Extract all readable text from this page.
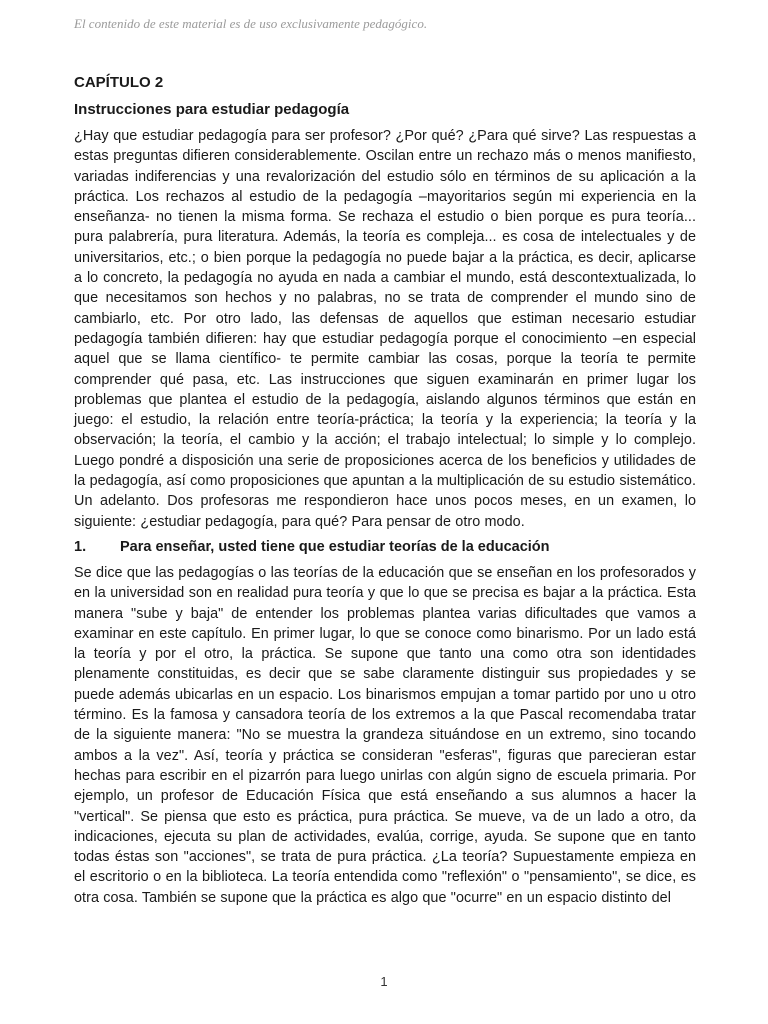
El contenido de este material es de uso exclusivamente pedagógico.
CAPÍTULO 2
Instrucciones para estudiar pedagogía

¿Hay que estudiar pedagogía para ser profesor? ¿Por qué? ¿Para qué sirve? Las respuestas a estas preguntas difieren considerablemente. Oscilan entre un rechazo más o menos manifiesto, variadas indiferencias y una revalorización del estudio sólo en términos de su aplicación a la práctica. Los rechazos al estudio de la pedagogía –mayoritarios según mi experiencia en la enseñanza- no tienen la misma forma. Se rechaza el estudio o bien porque es pura teoría... pura palabrería, pura literatura. Además, la teoría es compleja... es cosa de intelectuales y de universitarios, etc.; o bien porque la pedagogía no puede bajar a la práctica, es decir, aplicarse a lo concreto, la pedagogía no ayuda en nada a cambiar el mundo, está descontextualizada, lo que necesitamos son hechos y no palabras, no se trata de comprender el mundo sino de cambiarlo, etc. Por otro lado, las defensas de aquellos que estiman necesario estudiar pedagogía también difieren: hay que estudiar pedagogía porque el conocimiento –en especial aquel que se llama científico- te permite cambiar las cosas, porque la teoría te permite comprender qué pasa, etc. Las instrucciones que siguen examinarán en primer lugar los problemas que plantea el estudio de la pedagogía, aislando algunos términos que están en juego: el estudio, la relación entre teoría-práctica; la teoría y la experiencia; la teoría y la observación; la teoría, el cambio y la acción; el trabajo intelectual; lo simple y lo complejo. Luego pondré a disposición una serie de proposiciones acerca de los beneficios y utilidades de la pedagogía, así como proposiciones que apuntan a la multiplicación de su estudio sistemático. Un adelanto. Dos profesoras me respondieron hace unos pocos meses, en un examen, lo siguiente: ¿estudiar pedagogía, para qué? Para pensar de otro modo.

1.	Para enseñar, usted tiene que estudiar teorías de la educación

Se dice que las pedagogías o las teorías de la educación que se enseñan en los profesorados y en la universidad son en realidad pura teoría y que lo que se precisa es bajar a la práctica. Esta manera "sube y baja" de entender los problemas plantea varias dificultades que vamos a examinar en este capítulo. En primer lugar, lo que se conoce como binarismo. Por un lado está la teoría y por el otro, la práctica. Se supone que tanto una como otra son identidades plenamente constituidas, es decir que se sabe claramente distinguir sus propiedades y se puede además ubicarlas en un espacio. Los binarismos empujan a tomar partido por uno u otro término. Es la famosa y cansadora teoría de los extremos a la que Pascal recomendaba tratar de la siguiente manera: "No se muestra la grandeza situándose en un extremo, sino tocando ambos a la vez". Así, teoría y práctica se consideran "esferas", figuras que parecieran estar hechas para escribir en el pizarrón para luego unirlas con algún signo de escuela primaria. Por ejemplo, un profesor de Educación Física que está enseñando a sus alumnos a hacer la "vertical". Se piensa que esto es práctica, pura práctica. Se mueve, va de un lado a otro, da indicaciones, ejecuta su plan de actividades, evalúa, corrige, ayuda. Se supone que en tanto todas éstas son "acciones", se trata de pura práctica. ¿La teoría? Supuestamente empieza en el escritorio o en la biblioteca. La teoría entendida como "reflexión" o "pensamiento", se dice, es otra cosa. También se supone que la práctica es algo que "ocurre" en un espacio distinto del

1
